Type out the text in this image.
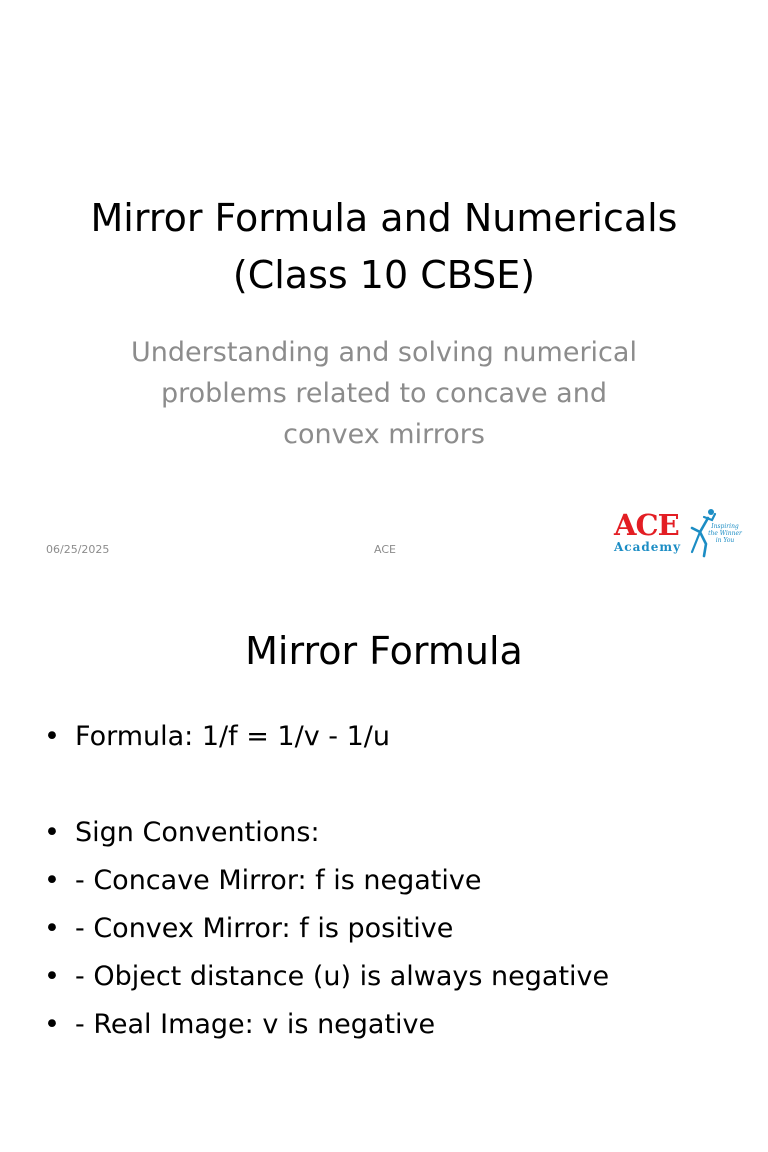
Mirror Formula and Numericals
(Class 10 CBSE)
Understanding and solving numerical
problems related to concave and
convex mirrors
06/25/2025	ACE
ACE
Academy
Inspiring
the Winner
in You
Mirror Formula
• Formula: 1/f = 1/v - 1/u
• Sign Conventions:
• - Concave Mirror: f is negative
• - Convex Mirror: f is positive
• - Object distance (u) is always negative
• - Real Image: v is negative
